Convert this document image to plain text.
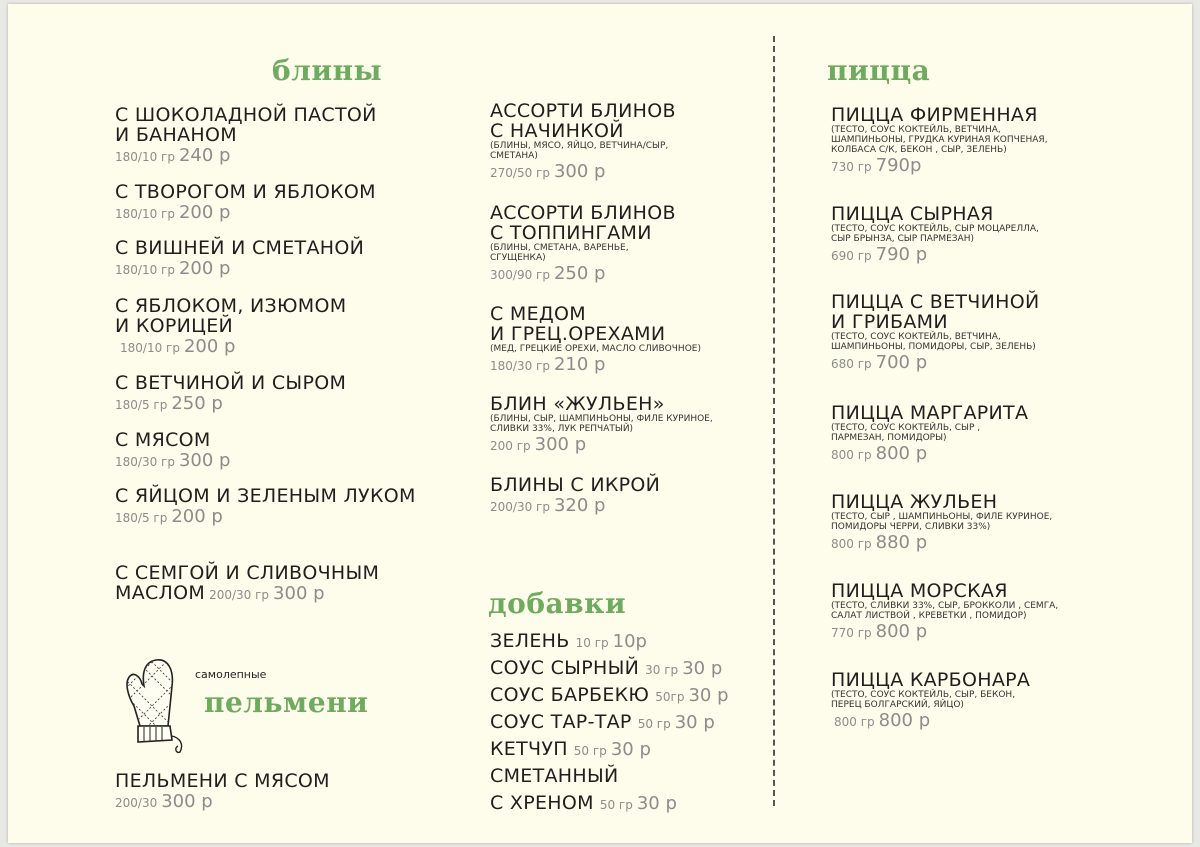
блины
С ШОКОЛАДНОЙ ПАСТОЙ
И БАНАНОМ
180/10 гр 240 р
С ТВОРОГОМ И ЯБЛОКОМ
180/10 гр 200 р
С ВИШНЕЙ И СМЕТАНОЙ
180/10 гр 200 р
С ЯБЛОКОМ, ИЗЮМОМ
И КОРИЦЕЙ
180/10 гр 200 р
С ВЕТЧИНОЙ И СЫРОМ
180/5 гр 250 р
С МЯСОМ
180/30 гр 300 р
С ЯЙЦОМ И ЗЕЛЕНЫМ ЛУКОМ
180/5 гр 200 р
С СЕМГОЙ И СЛИВОЧНЫМ
МАСЛОМ 200/30 гр 300 р
самолепные
пельмени
ПЕЛЬМЕНИ С МЯСОМ
200/30 300 р
АССОРТИ БЛИНОВ
С НАЧИНКОЙ
(БЛИНЫ, МЯСО, ЯЙЦО, ВЕТЧИНА/СЫР,
СМЕТАНА)
270/50 гр 300 р
АССОРТИ БЛИНОВ
С ТОППИНГАМИ
(БЛИНЫ, СМЕТАНА, ВАРЕНЬЕ,
СГУЩЕНКА)
300/90 гр 250 р
С МЕДОМ
И ГРЕЦ.ОРЕХАМИ
(МЕД, ГРЕЦКИЕ ОРЕХИ, МАСЛО СЛИВОЧНОЕ)
180/30 гр 210 р
БЛИН «ЖУЛЬЕН»
(БЛИНЫ, СЫР, ШАМПИНЬОНЫ, ФИЛЕ КУРИНОЕ,
СЛИВКИ 33%, ЛУК РЕПЧАТЫЙ)
200 гр 300 р
БЛИНЫ С ИКРОЙ
200/30 гр 320 р
добавки
ЗЕЛЕНЬ 10 гр 10р
СОУС СЫРНЫЙ 30 гр 30 р
СОУС БАРБЕКЮ 50гр 30 р
СОУС ТАР-ТАР 50 гр 30 р
КЕТЧУП 50 гр 30 р
СМЕТАННЫЙ
С ХРЕНОМ 50 гр 30 р
пицца
ПИЦЦА ФИРМЕННАЯ
(ТЕСТО, СОУС КОКТЕЙЛЬ, ВЕТЧИНА,
ШАМПИНЬОНЫ, ГРУДКА КУРИНАЯ КОПЧЕНАЯ,
КОЛБАСА С/К, БЕКОН , СЫР, ЗЕЛЕНЬ)
730 гр 790р
ПИЦЦА СЫРНАЯ
(ТЕСТО, СОУС КОКТЕЙЛЬ, СЫР МОЦАРЕЛЛА,
СЫР БРЫНЗА, СЫР ПАРМЕЗАН)
690 гр 790 р
ПИЦЦА С ВЕТЧИНОЙ
И ГРИБАМИ
(ТЕСТО, СОУС КОКТЕЙЛЬ, ВЕТЧИНА,
ШАМПИНЬОНЫ, ПОМИДОРЫ, СЫР, ЗЕЛЕНЬ)
680 гр 700 р
ПИЦЦА МАРГАРИТА
(ТЕСТО, СОУС КОКТЕЙЛЬ, СЫР ,
ПАРМЕЗАН, ПОМИДОРЫ)
800 гр 800 р
ПИЦЦА ЖУЛЬЕН
(ТЕСТО, СЫР , ШАМПИНЬОНЫ, ФИЛЕ КУРИНОЕ,
ПОМИДОРЫ ЧЕРРИ, СЛИВКИ 33%)
800 гр 880 р
ПИЦЦА МОРСКАЯ
(ТЕСТО, СЛИВКИ 33%, СЫР, БРОККОЛИ , СЕМГА,
САЛАТ ЛИСТВОЙ , КРЕВЕТКИ , ПОМИДОР)
770 гр 800 р
ПИЦЦА КАРБОНАРА
(ТЕСТО, СОУС КОКТЕЙЛЬ, СЫР, БЕКОН,
ПЕРЕЦ БОЛГАРСКИЙ, ЯЙЦО)
800 гр 800 р
